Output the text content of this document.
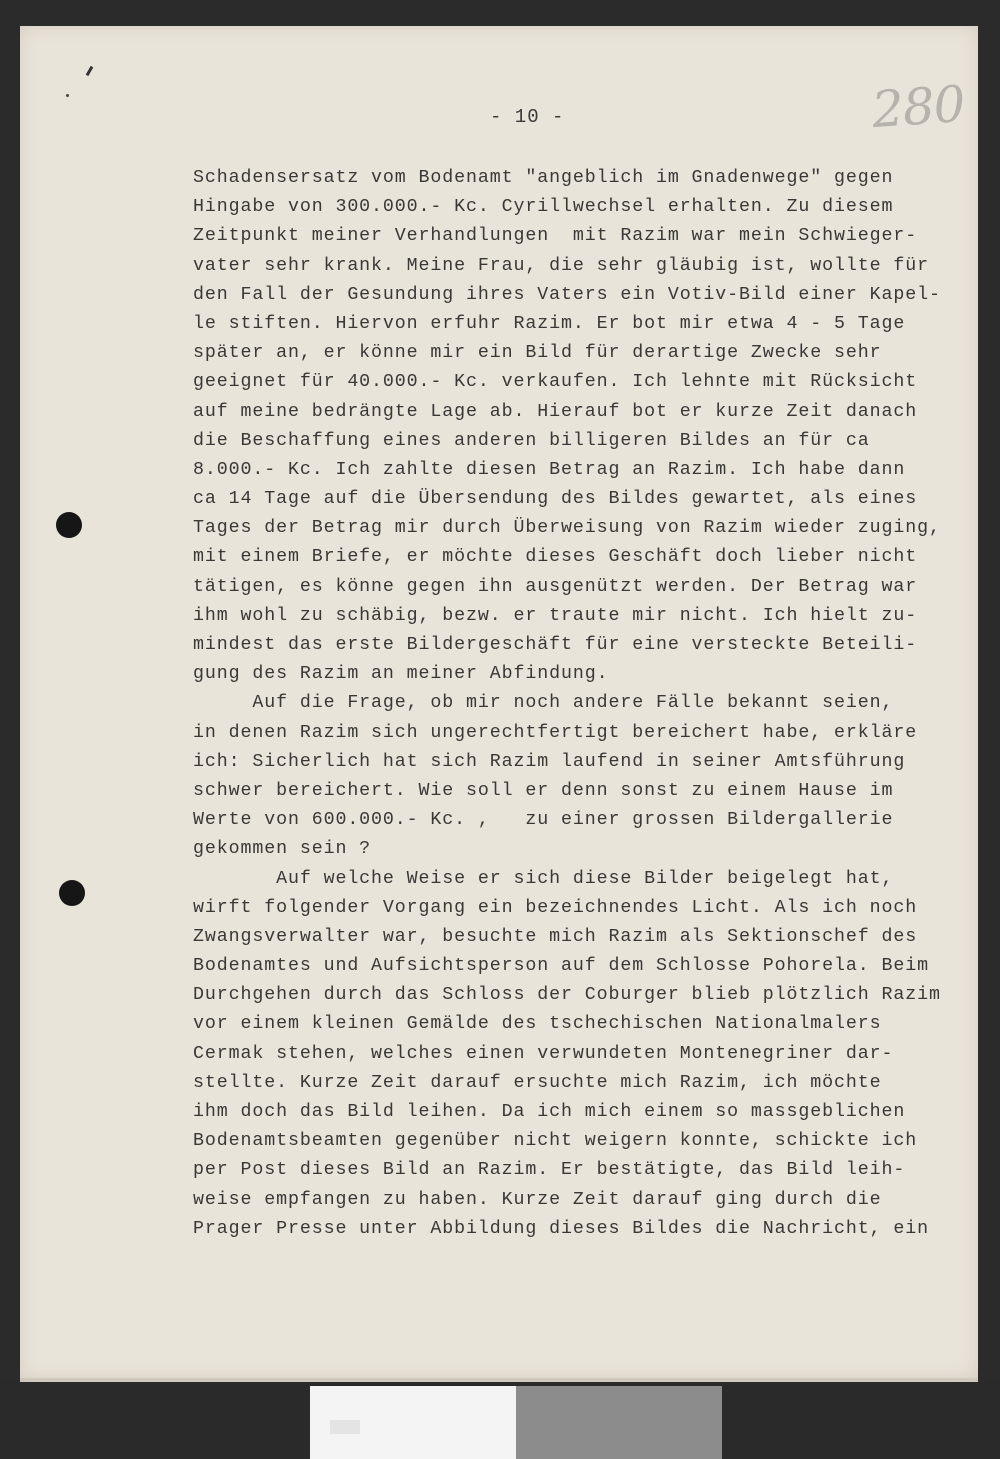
- 10 -	280
Schadensersatz vom Bodenamt "angeblich im Gnadenwege" gegen
Hingabe von 300.000.- Kc. Cyrillwechsel erhalten. Zu diesem
Zeitpunkt meiner Verhandlungen  mit Razim war mein Schwieger-
vater sehr krank. Meine Frau, die sehr gläubig ist, wollte für
den Fall der Gesundung ihres Vaters ein Votiv-Bild einer Kapel-
le stiften. Hiervon erfuhr Razim. Er bot mir etwa 4 - 5 Tage
später an, er könne mir ein Bild für derartige Zwecke sehr
geeignet für 40.000.- Kc. verkaufen. Ich lehnte mit Rücksicht
auf meine bedrängte Lage ab. Hierauf bot er kurze Zeit danach
die Beschaffung eines anderen billigeren Bildes an für ca
8.000.- Kc. Ich zahlte diesen Betrag an Razim. Ich habe dann
ca 14 Tage auf die Übersendung des Bildes gewartet, als eines
Tages der Betrag mir durch Überweisung von Razim wieder zuging,
mit einem Briefe, er möchte dieses Geschäft doch lieber nicht
tätigen, es könne gegen ihn ausgenützt werden. Der Betrag war
ihm wohl zu schäbig, bezw. er traute mir nicht. Ich hielt zu-
mindest das erste Bildergeschäft für eine versteckte Beteili-
gung des Razim an meiner Abfindung.
Auf die Frage, ob mir noch andere Fälle bekannt seien,
in denen Razim sich ungerechtfertigt bereichert habe, erkläre
ich: Sicherlich hat sich Razim laufend in seiner Amtsführung
schwer bereichert. Wie soll er denn sonst zu einem Hause im
Werte von 600.000.- Kc. ,   zu einer grossen Bildergallerie
gekommen sein ?
Auf welche Weise er sich diese Bilder beigelegt hat,
wirft folgender Vorgang ein bezeichnendes Licht. Als ich noch
Zwangsverwalter war, besuchte mich Razim als Sektionschef des
Bodenamtes und Aufsichtsperson auf dem Schlosse Pohorela. Beim
Durchgehen durch das Schloss der Coburger blieb plötzlich Razim
vor einem kleinen Gemälde des tschechischen Nationalmalers
Cermak stehen, welches einen verwundeten Montenegriner dar-
stellte. Kurze Zeit darauf ersuchte mich Razim, ich möchte
ihm doch das Bild leihen. Da ich mich einem so massgeblichen
Bodenamtsbeamten gegenüber nicht weigern konnte, schickte ich
per Post dieses Bild an Razim. Er bestätigte, das Bild leih-
weise empfangen zu haben. Kurze Zeit darauf ging durch die
Prager Presse unter Abbildung dieses Bildes die Nachricht, ein
